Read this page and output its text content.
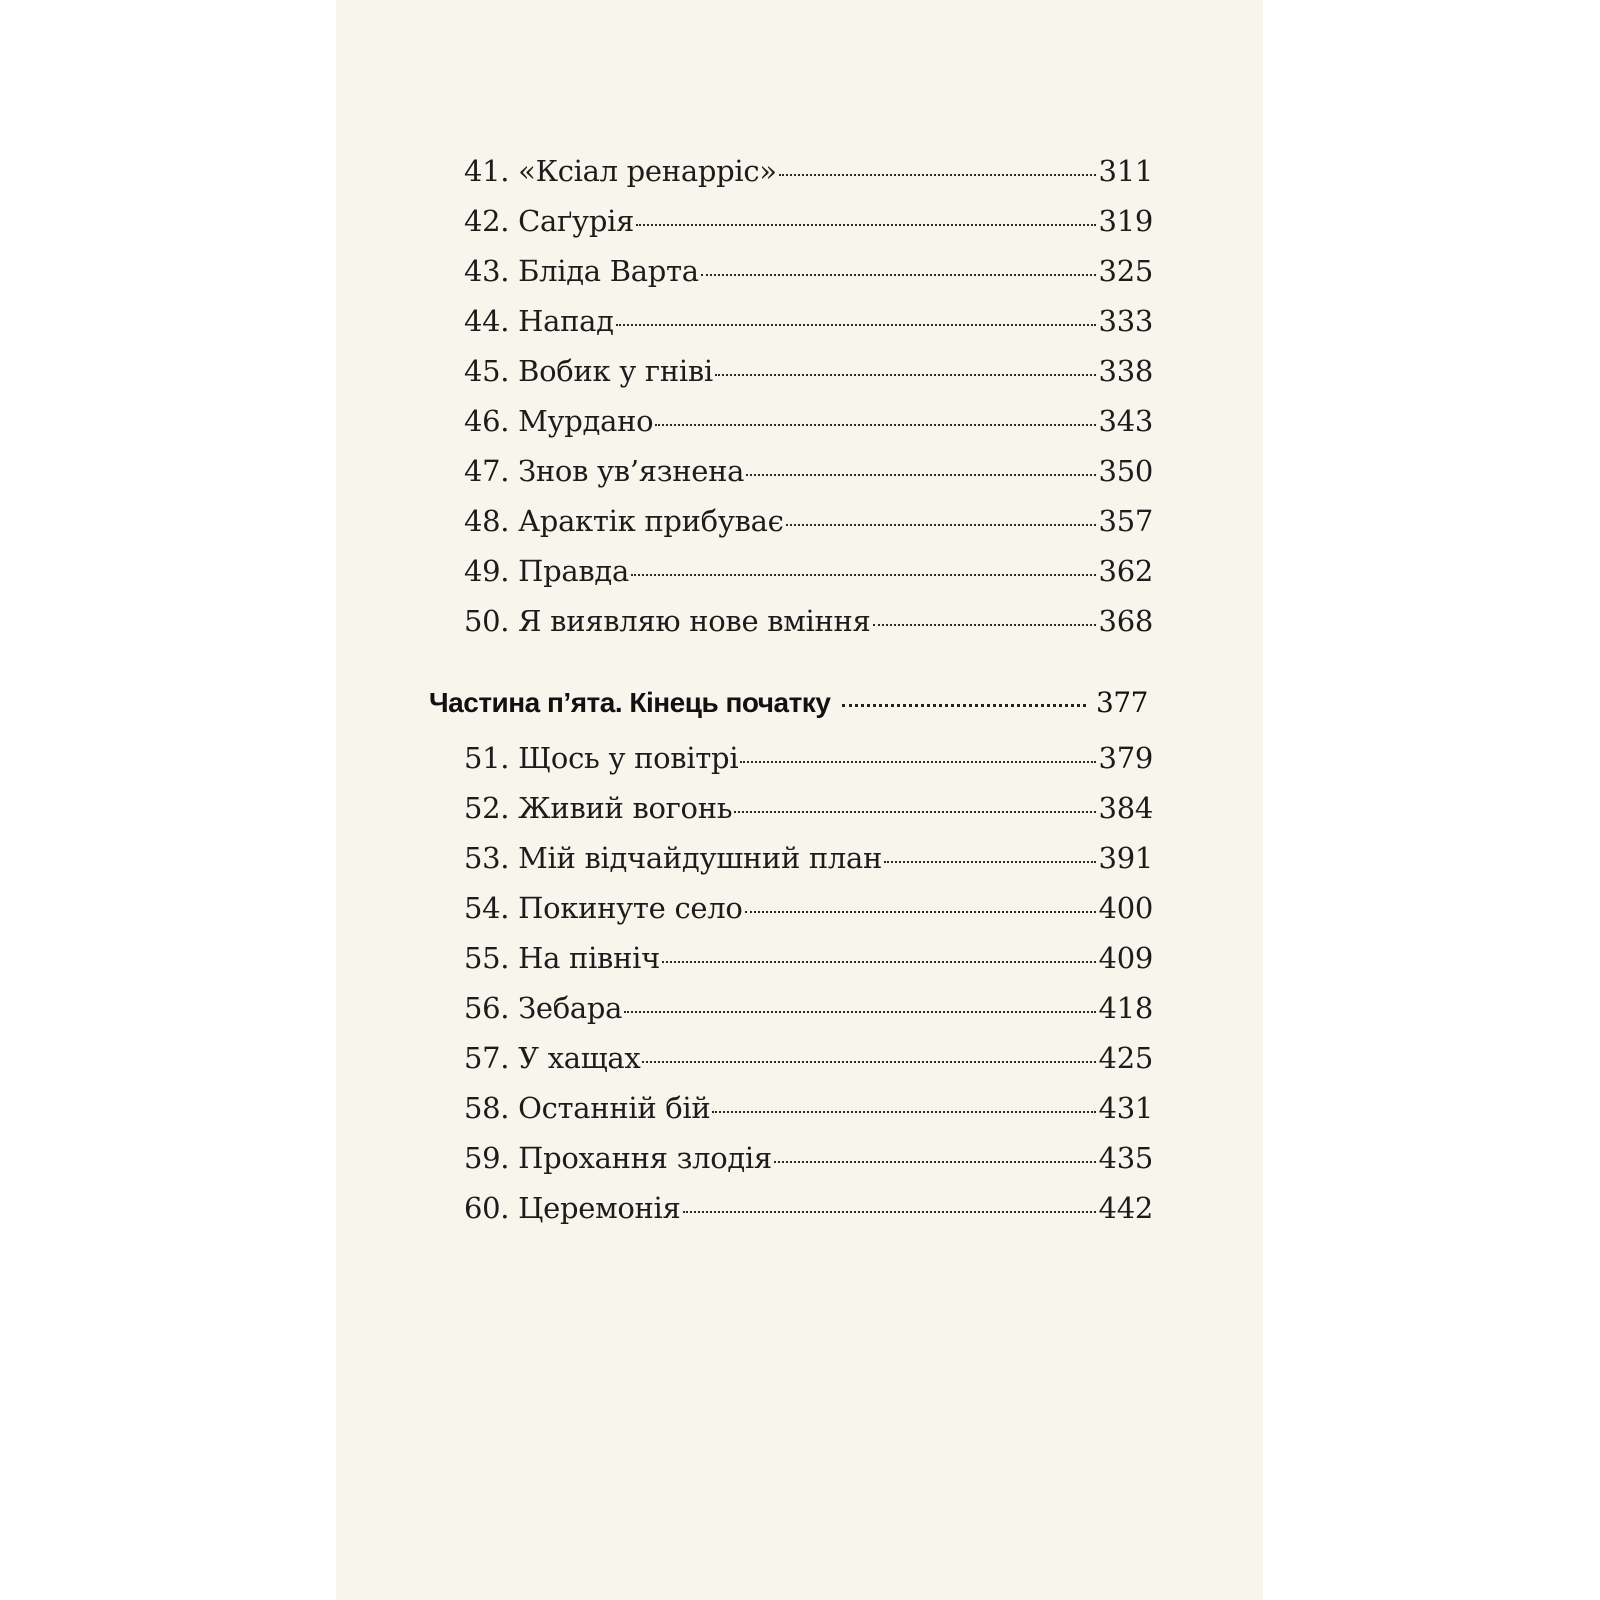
41. «Ксіал ренарріс»	311
42. Саґурія	319
43. Бліда Варта	325
44. Напад	333
45. Вобик у гніві	338
46. Мурдано	343
47. Знов ув’язнена	350
48. Арактік прибуває	357
49. Правда	362
50. Я виявляю нове вміння	368
Частина п’ята. Кінець початку	377
51. Щось у повітрі	379
52. Живий вогонь	384
53. Мій відчайдушний план	391
54. Покинуте село	400
55. На північ	409
56. Зебара	418
57. У хащах	425
58. Останній бій	431
59. Прохання злодія	435
60. Церемонія	442
